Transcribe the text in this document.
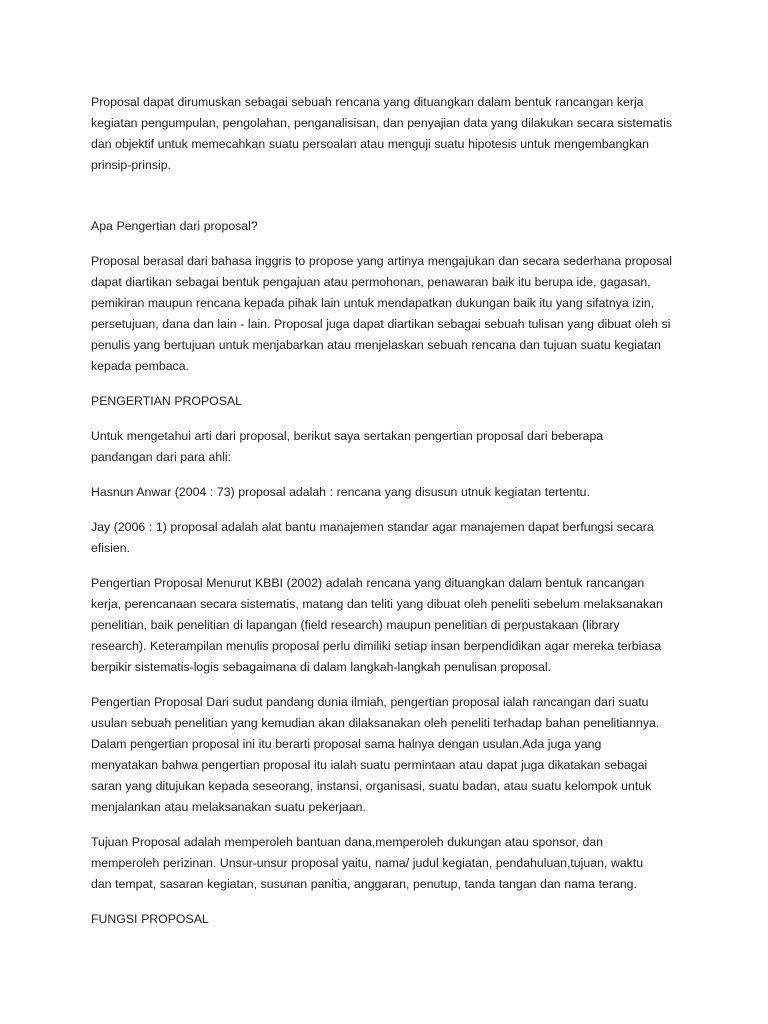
Proposal dapat dirumuskan sebagai sebuah rencana yang dituangkan dalam bentuk rancangan kerja
kegiatan pengumpulan, pengolahan, penganalisisan, dan penyajian data yang dilakukan secara sistematis
dan objektif untuk memecahkan suatu persoalan atau menguji suatu hipotesis untuk mengembangkan
prinsip-prinsip.

Apa Pengertian dari proposal?

Proposal berasal dari bahasa inggris to propose yang artinya mengajukan dan secara sederhana proposal
dapat diartikan sebagai bentuk pengajuan atau permohonan, penawaran baik itu berupa ide, gagasan,
pemikiran maupun rencana kepada pihak lain untuk mendapatkan dukungan baik itu yang sifatnya izin,
persetujuan, dana dan lain - lain. Proposal juga dapat diartikan sebagai sebuah tulisan yang dibuat oleh si
penulis yang bertujuan untuk menjabarkan atau menjelaskan sebuah rencana dan tujuan suatu kegiatan
kepada pembaca.

PENGERTIAN PROPOSAL

Untuk mengetahui arti dari proposal, berikut saya sertakan pengertian proposal dari beberapa
pandangan dari para ahli:

Hasnun Anwar (2004 : 73) proposal adalah : rencana yang disusun utnuk kegiatan tertentu.

Jay (2006 : 1) proposal adalah alat bantu manajemen standar agar manajemen dapat berfungsi secara
efisien.

Pengertian Proposal Menurut KBBI (2002) adalah rencana yang dituangkan dalam bentuk rancangan
kerja, perencanaan secara sistematis, matang dan teliti yang dibuat oleh peneliti sebelum melaksanakan
penelitian, baik penelitian di lapangan (field research) maupun penelitian di perpustakaan (library
research). Keterampilan menulis proposal perlu dimiliki setiap insan berpendidikan agar mereka terbiasa
berpikir sistematis-logis sebagaimana di dalam langkah-langkah penulisan proposal.

Pengertian Proposal Dari sudut pandang dunia ilmiah, pengertian proposal ialah rancangan dari suatu
usulan sebuah penelitian yang kemudian akan dilaksanakan oleh peneliti terhadap bahan penelitiannya.
Dalam pengertian proposal ini itu berarti proposal sama halnya dengan usulan.Ada juga yang
menyatakan bahwa pengertian proposal itu ialah suatu permintaan atau dapat juga dikatakan sebagai
saran yang ditujukan kepada seseorang, instansi, organisasi, suatu badan, atau suatu kelompok untuk
menjalankan atau melaksanakan suatu pekerjaan.

Tujuan Proposal adalah memperoleh bantuan dana,memperoleh dukungan atau sponsor, dan
memperoleh perizinan. Unsur-unsur proposal yaitu, nama/ judul kegiatan, pendahuluan,tujuan, waktu
dan tempat, sasaran kegiatan, susunan panitia, anggaran, penutup, tanda tangan dan nama terang.

FUNGSI PROPOSAL
